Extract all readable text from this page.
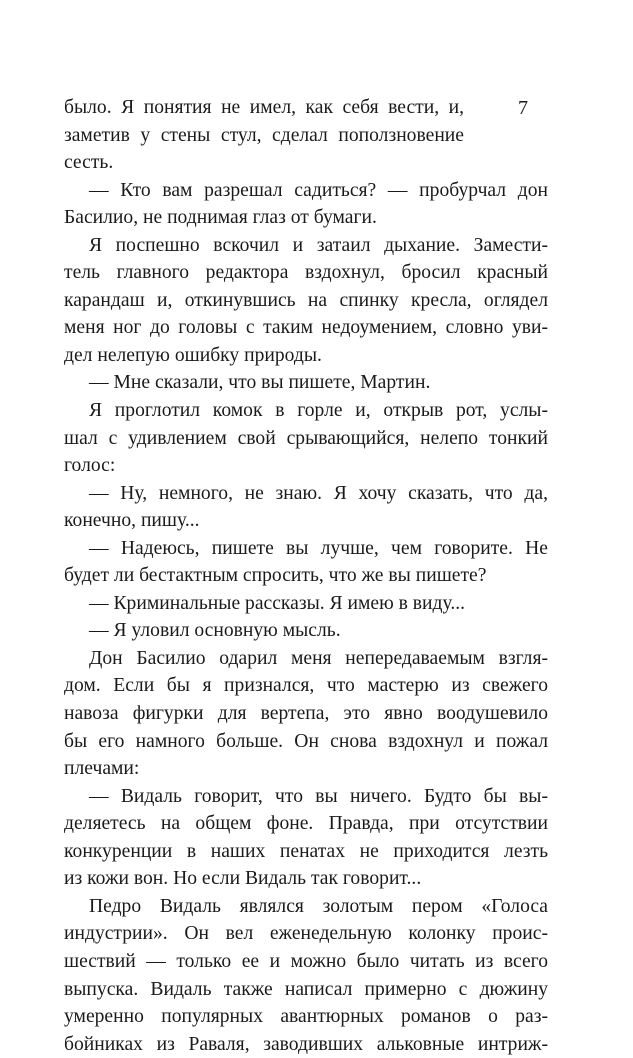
7
было. Я понятия не имел, как себя вести, и,
заметив у стены стул, сделал поползновение
сесть.
— Кто вам разрешал садиться? — пробурчал дон
Басилио, не поднимая глаз от бумаги.
Я поспешно вскочил и затаил дыхание. Замести-
тель главного редактора вздохнул, бросил красный
карандаш и, откинувшись на спинку кресла, оглядел
меня ног до головы с таким недоумением, словно уви-
дел нелепую ошибку природы.
— Мне сказали, что вы пишете, Мартин.
Я проглотил комок в горле и, открыв рот, услы-
шал с удивлением свой срывающийся, нелепо тонкий
голос:
— Ну, немного, не знаю. Я хочу сказать, что да,
конечно, пишу...
— Надеюсь, пишете вы лучше, чем говорите. Не
будет ли бестактным спросить, что же вы пишете?
— Криминальные рассказы. Я имею в виду...
— Я уловил основную мысль.
Дон Басилио одарил меня непередаваемым взгля-
дом. Если бы я признался, что мастерю из свежего
навоза фигурки для вертепа, это явно воодушевило
бы его намного больше. Он снова вздохнул и пожал
плечами:
— Видаль говорит, что вы ничего. Будто бы вы-
деляетесь на общем фоне. Правда, при отсутствии
конкуренции в наших пенатах не приходится лезть
из кожи вон. Но если Видаль так говорит...
Педро Видаль являлся золотым пером «Голоса
индустрии». Он вел еженедельную колонку проис-
шествий — только ее и можно было читать из всего
выпуска. Видаль также написал примерно с дюжину
умеренно популярных авантюрных романов о раз-
бойниках из Раваля, заводивших альковные интриж-
